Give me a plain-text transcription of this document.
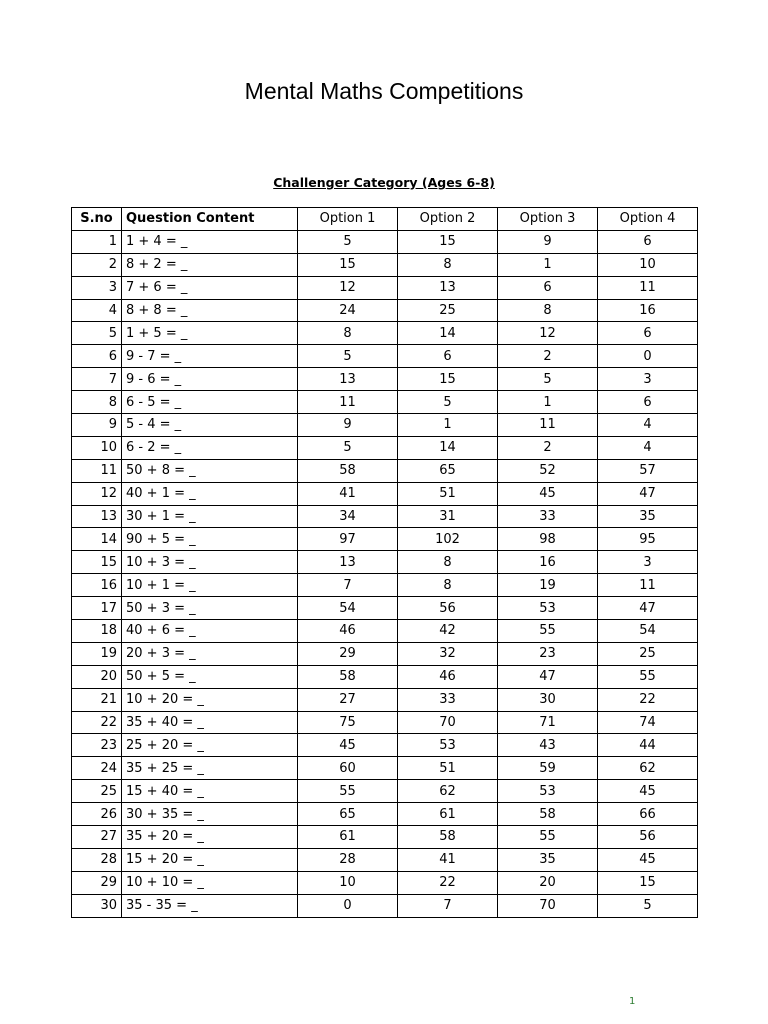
Mental Maths Competitions
Challenger Category (Ages 6-8)
S.no	Question Content	Option 1	Option 2	Option 3	Option 4
1	1 + 4 = _	5	15	9	6
2	8 + 2 = _	15	8	1	10
3	7 + 6 = _	12	13	6	11
4	8 + 8 = _	24	25	8	16
5	1 + 5 = _	8	14	12	6
6	9 - 7 = _	5	6	2	0
7	9 - 6 = _	13	15	5	3
8	6 - 5 = _	11	5	1	6
9	5 - 4 = _	9	1	11	4
10	6 - 2 = _	5	14	2	4
11	50 + 8 = _	58	65	52	57
12	40 + 1 = _	41	51	45	47
13	30 + 1 = _	34	31	33	35
14	90 + 5 = _	97	102	98	95
15	10 + 3 = _	13	8	16	3
16	10 + 1 = _	7	8	19	11
17	50 + 3 = _	54	56	53	47
18	40 + 6 = _	46	42	55	54
19	20 + 3 = _	29	32	23	25
20	50 + 5 = _	58	46	47	55
21	10 + 20 = _	27	33	30	22
22	35 + 40 = _	75	70	71	74
23	25 + 20 = _	45	53	43	44
24	35 + 25 = _	60	51	59	62
25	15 + 40 = _	55	62	53	45
26	30 + 35 = _	65	61	58	66
27	35 + 20 = _	61	58	55	56
28	15 + 20 = _	28	41	35	45
29	10 + 10 = _	10	22	20	15
30	35 - 35 = _	0	7	70	5
1
